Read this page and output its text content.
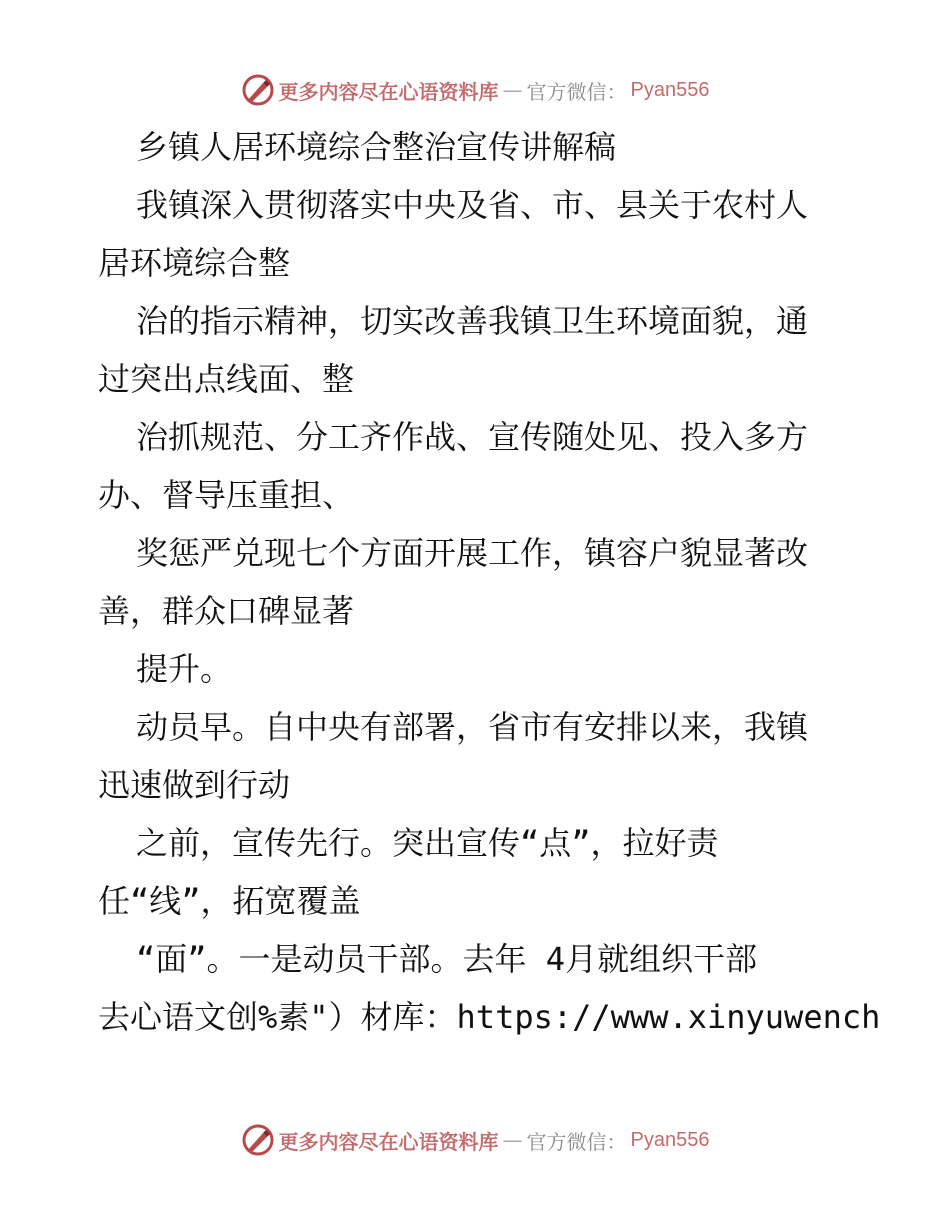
更多内容尽在心语资料库 — 官方微信： Pyan556
乡镇人居环境综合整治宣传讲解稿
我镇深入贯彻落实中央及省、市、县关于农村人
居环境综合整
治的指示精神，切实改善我镇卫生环境面貌，通
过突出点线面、整
治抓规范、分工齐作战、宣传随处见、投入多方
办、督导压重担、
奖惩严兑现七个方面开展工作，镇容户貌显著改
善，群众口碑显著
提升。
动员早。自中央有部署，省市有安排以来，我镇
迅速做到行动
之前，宣传先行。突出宣传“点”，拉好责
任“线”，拓宽覆盖
“面”。一是动员干部。去年 4月就组织干部
去心语文创%素"）材库：https://www.xinyuwench
更多内容尽在心语资料库 — 官方微信： Pyan556
